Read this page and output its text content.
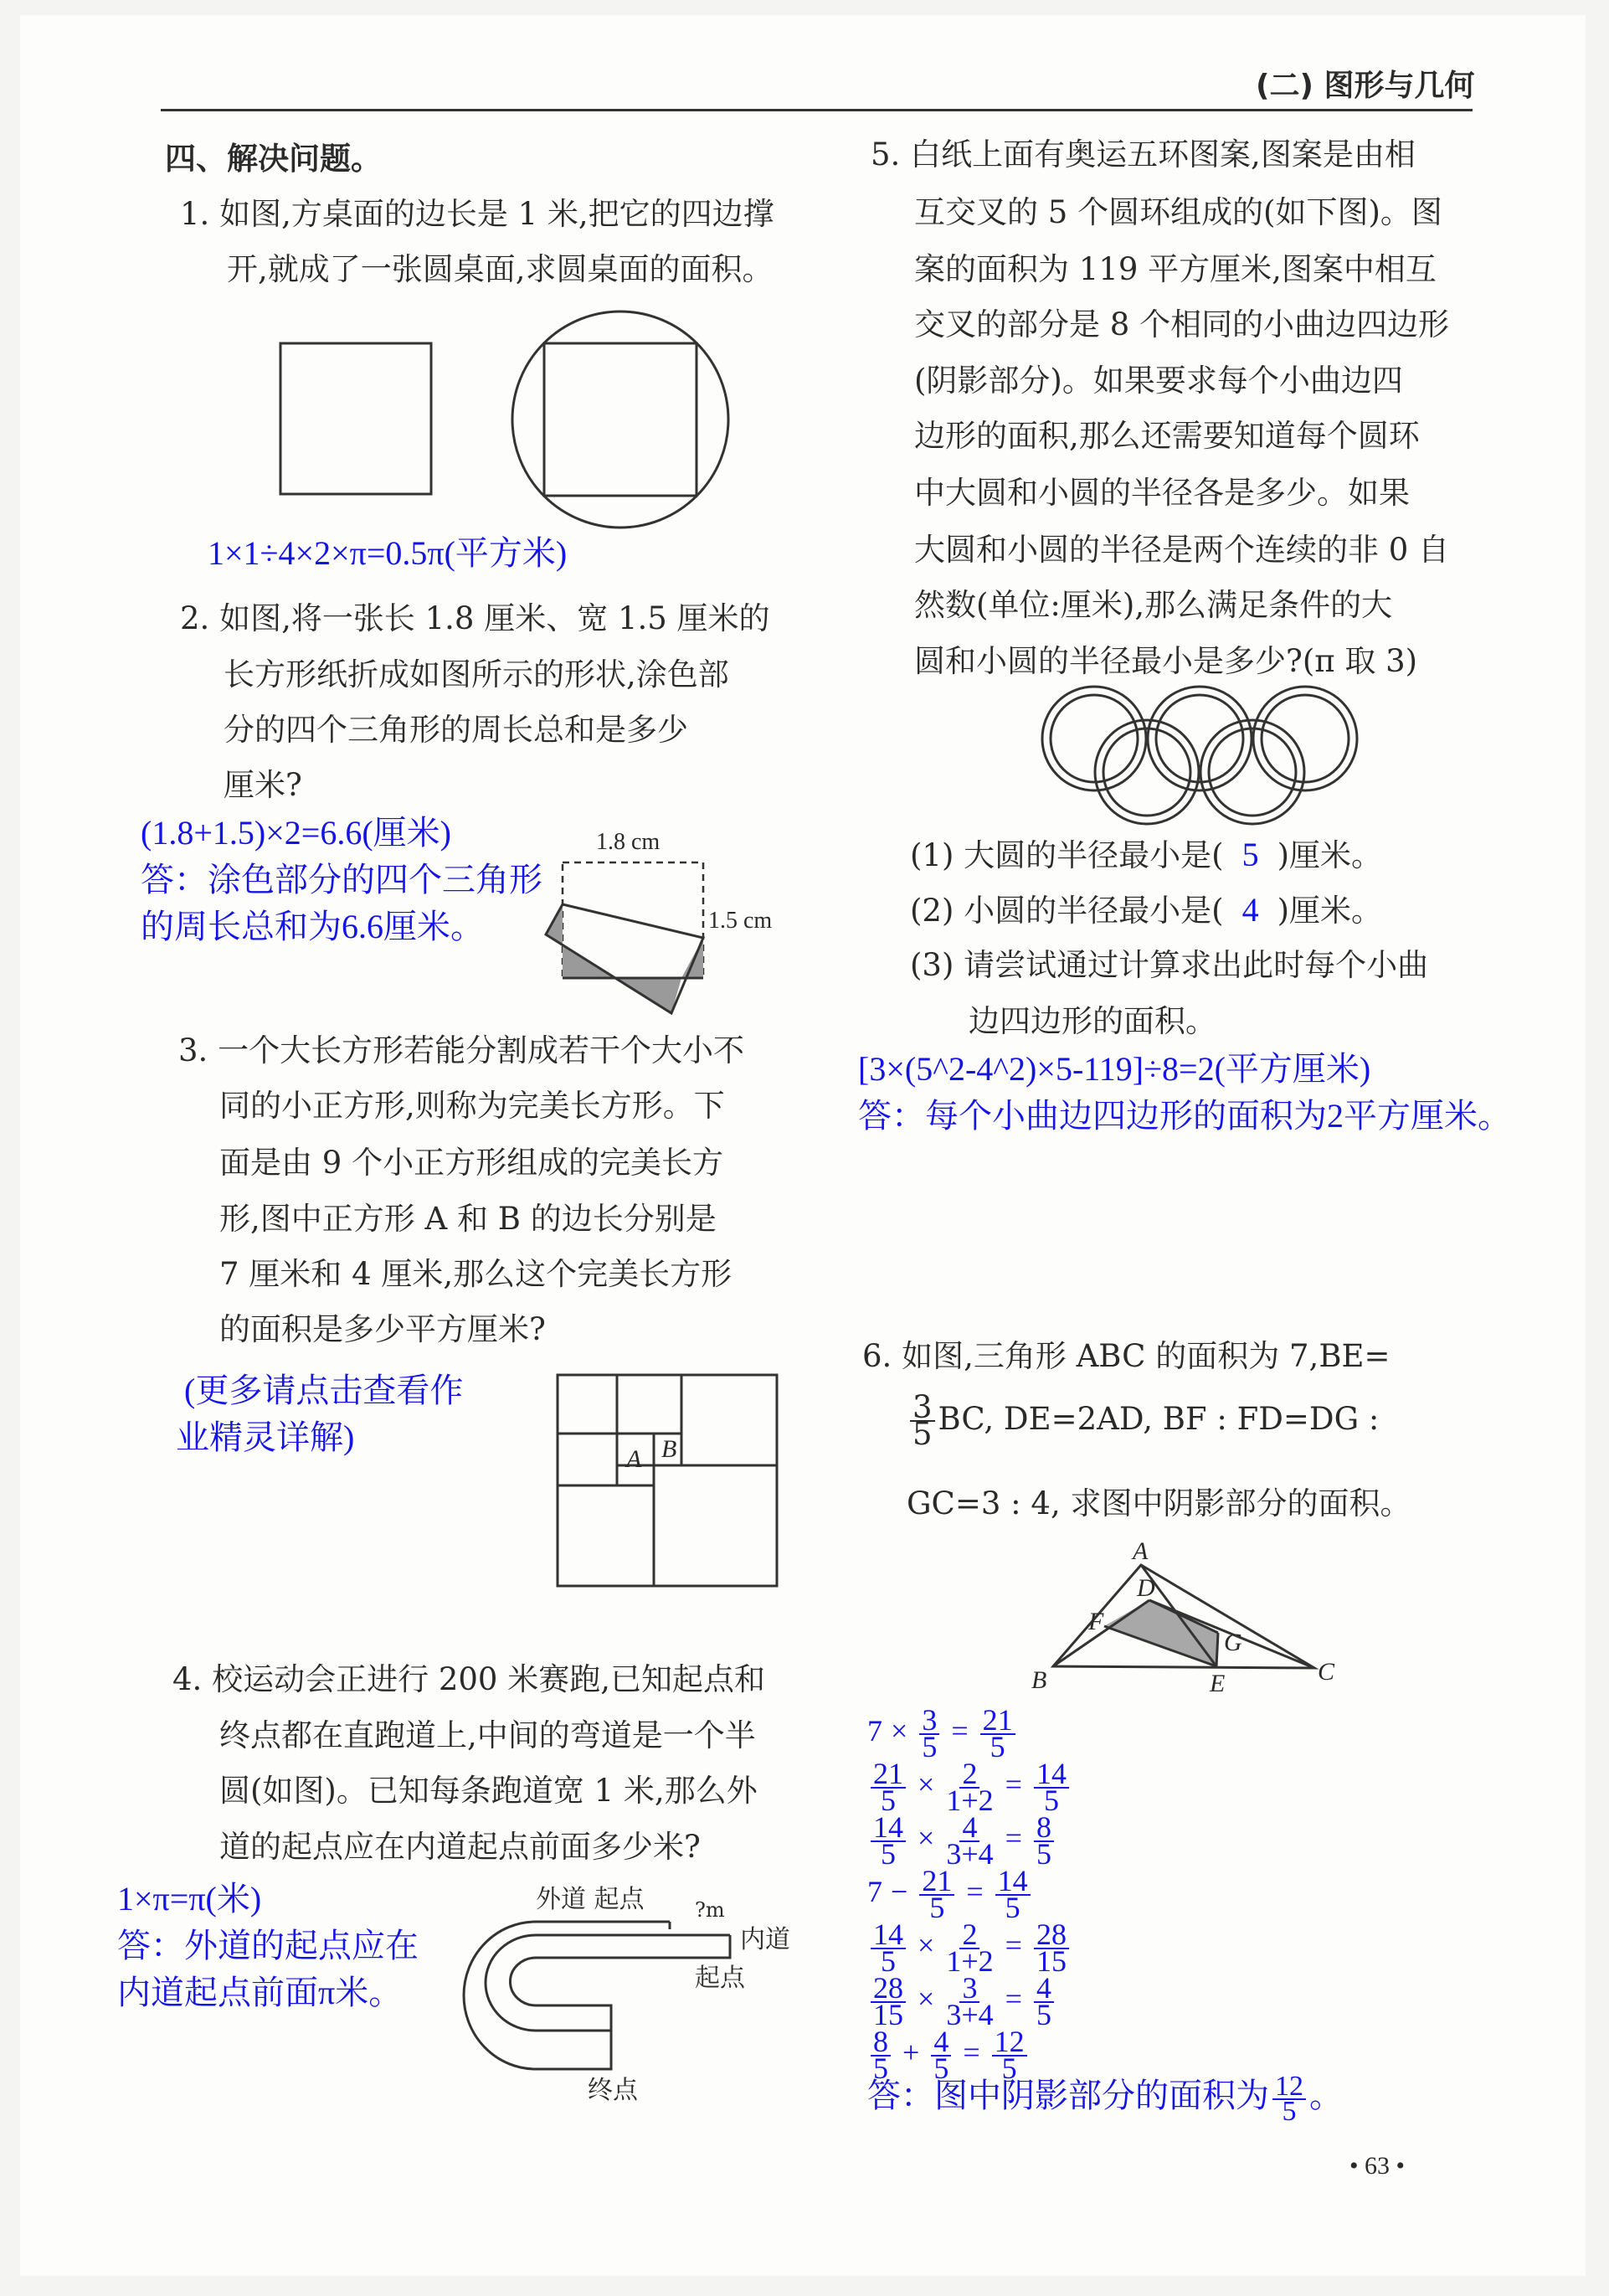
(二) 图形与几何
四、解决问题。
1. 如图,方桌面的边长是 1 米,把它的四边撑
开,就成了一张圆桌面,求圆桌面的面积。
1×1÷4×2×π=0.5π(平方米)
2. 如图,将一张长 1.8 厘米、宽 1.5 厘米的
长方形纸折成如图所示的形状,涂色部
分的四个三角形的周长总和是多少
厘米?
(1.8+1.5)×2=6.6(厘米)
答：涂色部分的四个三角形
的周长总和为6.6厘米。
1.8 cm
1.5 cm
3. 一个大长方形若能分割成若干个大小不
同的小正方形,则称为完美长方形。下
面是由 9 个小正方形组成的完美长方
形,图中正方形 A 和 B 的边长分别是
7 厘米和 4 厘米,那么这个完美长方形
的面积是多少平方厘米?
(更多请点击查看作
业精灵详解)
A B
4. 校运动会正进行 200 米赛跑,已知起点和
终点都在直跑道上,中间的弯道是一个半
圆(如图)。已知每条跑道宽 1 米,那么外
道的起点应在内道起点前面多少米?
1×π=π(米)
答：外道的起点应在
内道起点前面π米。
外道 起点	?m
内道
起点
终点
5. 白纸上面有奥运五环图案,图案是由相
互交叉的 5 个圆环组成的(如下图)。图
案的面积为 119 平方厘米,图案中相互
交叉的部分是 8 个相同的小曲边四边形
(阴影部分)。如果要求每个小曲边四
边形的面积,那么还需要知道每个圆环
中大圆和小圆的半径各是多少。如果
大圆和小圆的半径是两个连续的非 0 自
然数(单位:厘米),那么满足条件的大
圆和小圆的半径最小是多少?(π 取 3)
(1) 大圆的半径最小是( 5 )厘米。
(2) 小圆的半径最小是( 4 )厘米。
(3) 请尝试通过计算求出此时每个小曲
边四边形的面积。
[3×(5^2-4^2)×5-119]÷8=2(平方厘米)
答：每个小曲边四边形的面积为2平方厘米。
6. 如图,三角形 ABC 的面积为 7,BE=
$\frac{3}{5}$ BC, DE=2AD, BF : FD=DG :
GC=3 : 4, 求图中阴影部分的面积。
A
B	C
D
E
F
G
$7 \times \frac{3}{5} = \frac{21}{5}$
$\frac{21}{5} \times \frac{2}{1+2} = \frac{14}{5}$
$\frac{14}{5} \times \frac{4}{3+4} = \frac{8}{5}$
$7 - \frac{21}{5} = \frac{14}{5}$
$\frac{14}{5} \times \frac{2}{1+2} = \frac{28}{15}$
$\frac{28}{15} \times \frac{3}{3+4} = \frac{4}{5}$
$\frac{8}{5} + \frac{4}{5} = \frac{12}{5}$
答：图中阴影部分的面积为 $\frac{12}{5}$ 。
• 63 •
